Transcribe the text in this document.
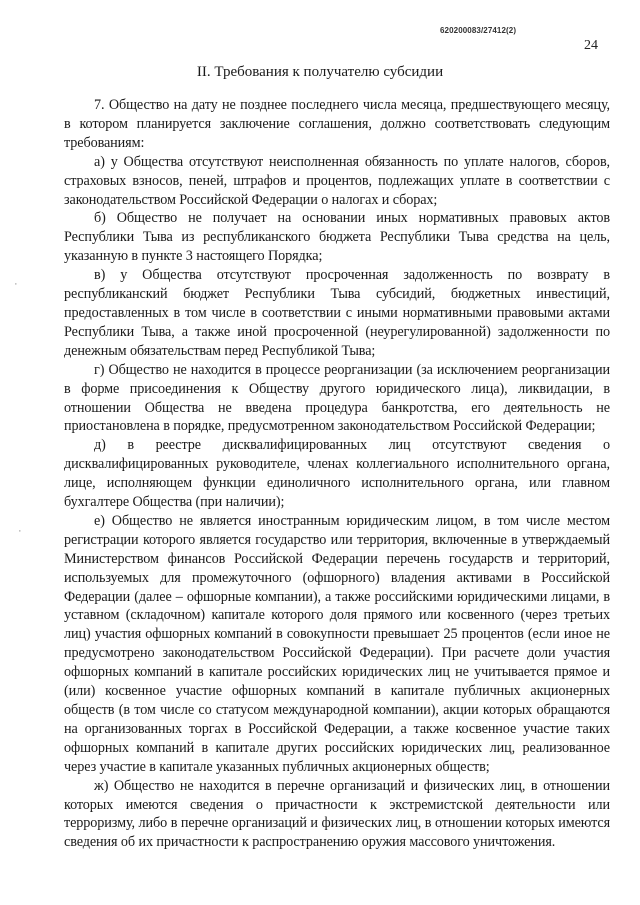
620200083/27412(2)
24
II. Требования к получателю субсидии

7. Общество на дату не позднее последнего числа месяца, предшествующего месяцу, в котором планируется заключение соглашения, должно соответствовать следующим требованиям:

а) у Общества отсутствуют неисполненная обязанность по уплате налогов, сборов, страховых взносов, пеней, штрафов и процентов, подлежащих уплате в соответствии с законодательством Российской Федерации о налогах и сборах;

б) Общество не получает на основании иных нормативных правовых актов Республики Тыва из республиканского бюджета Республики Тыва средства на цель, указанную в пункте 3 настоящего Порядка;

в) у Общества отсутствуют просроченная задолженность по возврату в республиканский бюджет Республики Тыва субсидий, бюджетных инвестиций, предоставленных в том числе в соответствии с иными нормативными правовыми актами Республики Тыва, а также иной просроченной (неурегулированной) задолженности по денежным обязательствам перед Республикой Тыва;

г) Общество не находится в процессе реорганизации (за исключением реорганизации в форме присоединения к Обществу другого юридического лица), ликвидации, в отношении Общества не введена процедура банкротства, его деятельность не приостановлена в порядке, предусмотренном законодательством Российской Федерации;

д) в реестре дисквалифицированных лиц отсутствуют сведения о дисквалифицированных руководителе, членах коллегиального исполнительного органа, лице, исполняющем функции единоличного исполнительного органа, или главном бухгалтере Общества (при наличии);

е) Общество не является иностранным юридическим лицом, в том числе местом регистрации которого является государство или территория, включенные в утверждаемый Министерством финансов Российской Федерации перечень государств и территорий, используемых для промежуточного (офшорного) владения активами в Российской Федерации (далее – офшорные компании), а также российскими юридическими лицами, в уставном (складочном) капитале которого доля прямого или косвенного (через третьих лиц) участия офшорных компаний в совокупности превышает 25 процентов (если иное не предусмотрено законодательством Российской Федерации). При расчете доли участия офшорных компаний в капитале российских юридических лиц не учитывается прямое и (или) косвенное участие офшорных компаний в капитале публичных акционерных обществ (в том числе со статусом международной компании), акции которых обращаются на организованных торгах в Российской Федерации, а также косвенное участие таких офшорных компаний в капитале других российских юридических лиц, реализованное через участие в капитале указанных публичных акционерных обществ;

ж) Общество не находится в перечне организаций и физических лиц, в отношении которых имеются сведения о причастности к экстремистской деятельности или терроризму, либо в перечне организаций и физических лиц, в отношении которых имеются сведения об их причастности к распространению оружия массового уничтожения.

·
·
